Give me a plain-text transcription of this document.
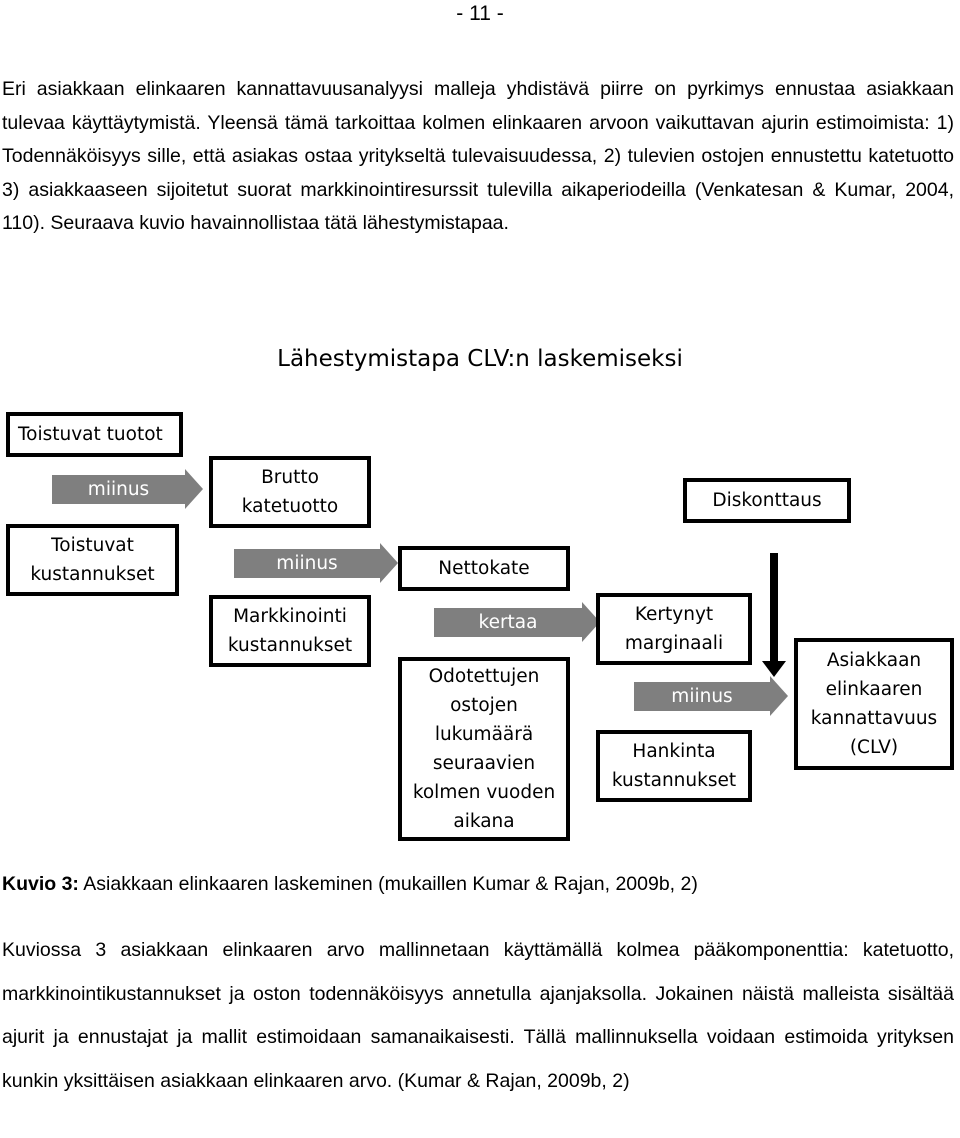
- 11 -

Eri asiakkaan elinkaaren kannattavuusanalyysi malleja yhdistävä piirre on pyrkimys ennustaa asiakkaan tulevaa käyttäytymistä. Yleensä tämä tarkoittaa kolmen elinkaaren arvoon vaikuttavan ajurin estimoimista: 1) Todennäköisyys sille, että asiakas ostaa yritykseltä tulevaisuudessa, 2) tulevien ostojen ennustettu katetuotto 3) asiakkaaseen sijoitetut suorat markkinointiresurssit tulevilla aikaperiodeilla (Venkatesan & Kumar, 2004, 110). Seuraava kuvio havainnollistaa tätä lähestymistapaa.

Lähestymistapa CLV:n laskemiseksi
Toistuvat tuotot
miinus
Toistuvat
kustannukset
Brutto
katetuotto
miinus
Markkinointi
kustannukset
Nettokate
kertaa
Odotettujen
ostojen
lukumäärä
seuraavien
kolmen vuoden
aikana
Kertynyt
marginaali
miinus
Hankinta
kustannukset
Diskonttaus
Asiakkaan
elinkaaren
kannattavuus
(CLV)
Kuvio 3: Asiakkaan elinkaaren laskeminen (mukaillen Kumar & Rajan, 2009b, 2)

Kuviossa 3 asiakkaan elinkaaren arvo mallinnetaan käyttämällä kolmea pääkomponenttia: katetuotto, markkinointikustannukset ja oston todennäköisyys annetulla ajanjaksolla. Jokainen näistä malleista sisältää ajurit ja ennustajat ja mallit estimoidaan samanaikaisesti. Tällä mallinnuksella voidaan estimoida yrityksen kunkin yksittäisen asiakkaan elinkaaren arvo. (Kumar & Rajan, 2009b, 2)
